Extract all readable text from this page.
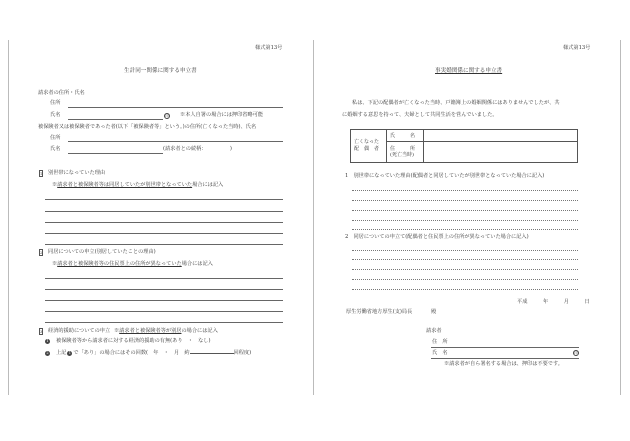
様式第13号
生計同一関係に関する申立書
請求者の住所・氏名
住所
氏名	印 ※本人自署の場合には押印省略可能
被保険者又は被保険者であった者(以下「被保険者等」という。)の住所(亡くなった当時)、氏名
住所
氏名	(請求者との続柄：　　　　　)
1 別世帯になっていた理由
※請求者と被保険者等は同居していたが別世帯となっていた場合には記入
2 同居についての申立(別居していたことの理由)
※請求者と被保険者等の住民票上の住所が異なっていた場合には記入
3 経済的援助についての申立 ※請求者と被保険者等が別居の場合には記入
1 被保険者等から請求者に対する経済的援助の有無(あり　・　なし)
2 上記 1 で「あり」の場合にはその回数(　年　・　月　約	回程度)
様式第13号
事実婚関係に関する申立書
私は、下記の配偶者が亡くなった当時、戸籍簿上の婚姻関係にはありませんでしたが、共
に婚姻する意思を持って、夫婦として共同生活を営んでいました。
亡くなった
配　偶　者	氏　　　名	

	住　　　所
(死亡当時)	

1　別世帯になっていた理由(配偶者と同居していたが別世帯となっていた場合に記入)
2　同居についての申立て(配偶者と住民票上の住所が異なっていた場合に記入)
平成　　　年　　　月　　　日
厚生労働省地方厚生(支)局長	殿
請求者
住　所
氏　名	印
※請求者が自ら署名する場合は、押印は不要です。
